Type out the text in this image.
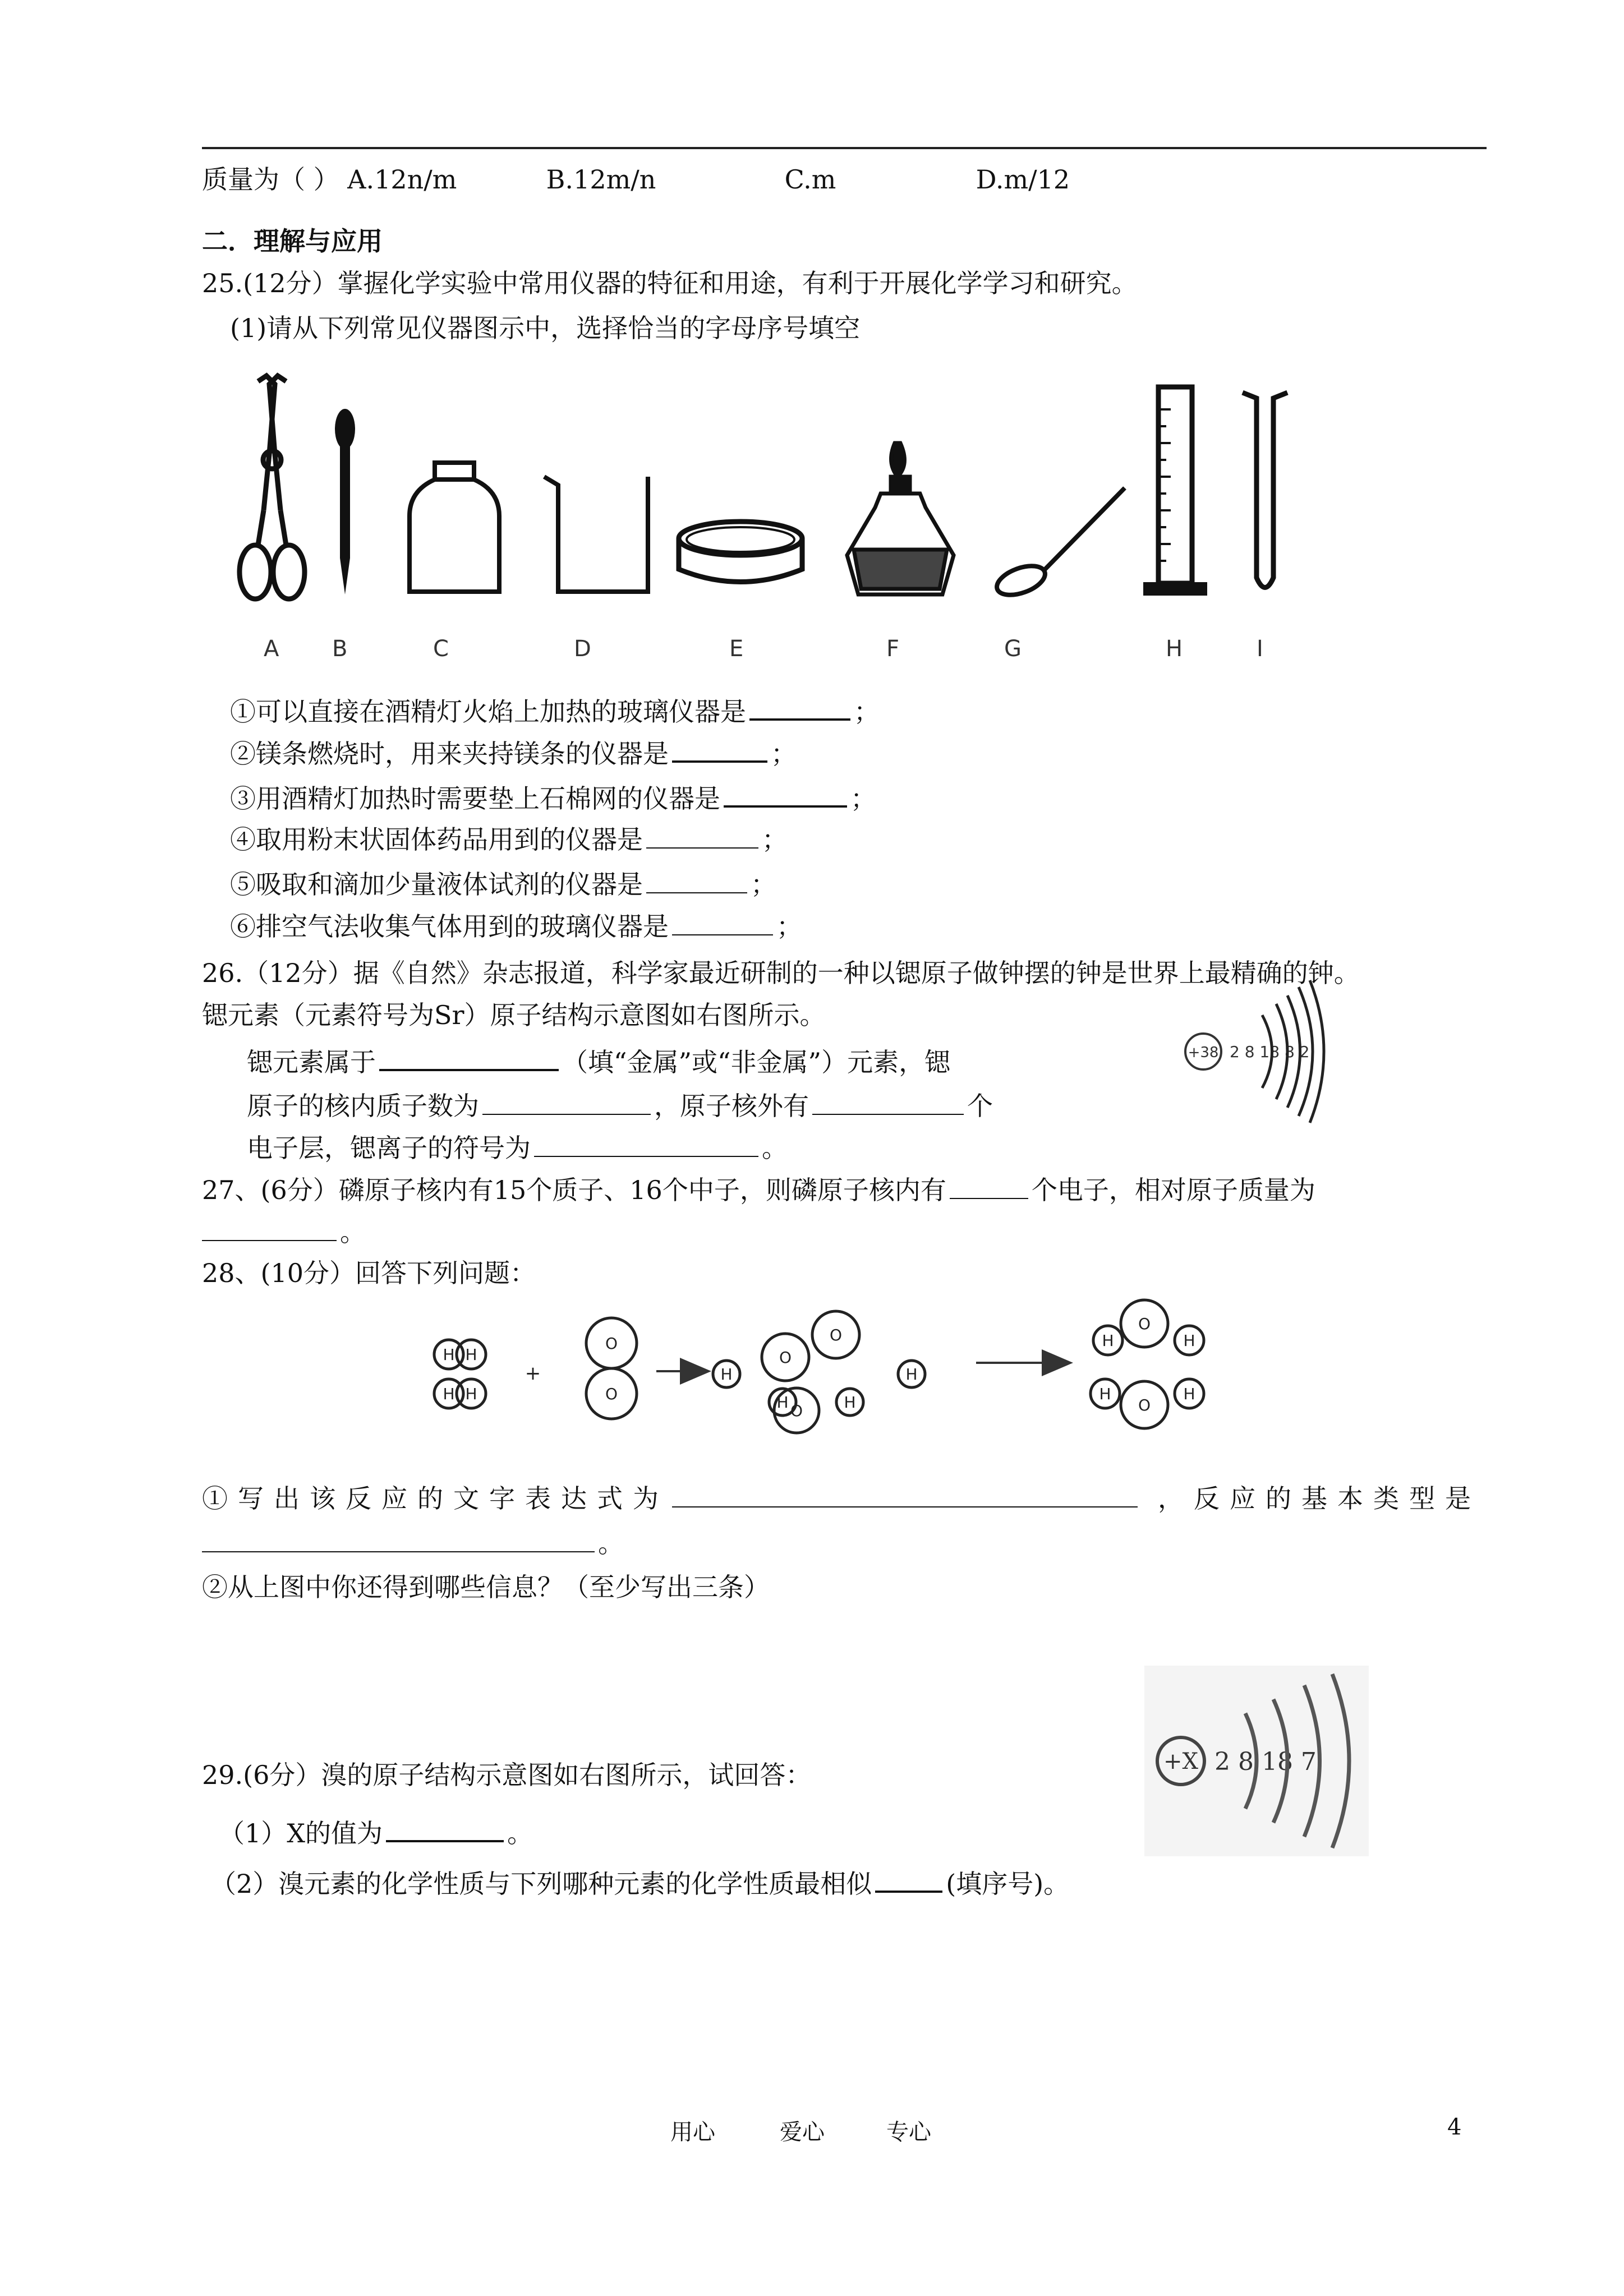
质量为（ ） A.12n/m	B.12m/n	C.m	D.m/12
二．理解与应用
25.(12分）掌握化学实验中常用仪器的特征和用途，有利于开展化学学习和研究。
(1)请从下列常见仪器图示中，选择恰当的字母序号填空
A B	C	D	E	F	G	H	I
①可以直接在酒精灯火焰上加热的玻璃仪器是	；
②镁条燃烧时，用来夹持镁条的仪器是	；
③用酒精灯加热时需要垫上石棉网的仪器是	；
④取用粉末状固体药品用到的仪器是	；
⑤吸取和滴加少量液体试剂的仪器是	；
⑥排空气法收集气体用到的玻璃仪器是	；
26.（12分）据《自然》杂志报道，科学家最近研制的一种以锶原子做钟摆的钟是世界上最精确的钟。
锶元素（元素符号为Sr）原子结构示意图如右图所示。
锶元素属于	（填“金属”或“非金属”）元素，锶
原子的核内质子数为	，原子核外有	个
电子层，锶离子的符号为	。
+38 2 8 18 8 2
27、(6分）磷原子核内有15个质子、16个中子，则磷原子核内有	个电子，相对原子质量为
。
28、(10分）回答下列问题：
H H
H H
+
O
O
O
O
H	H
H	H
O
O
H	H
O
H	H
①写出该反应的文字表达式为	，反应的基本类型是
。
②从上图中你还得到哪些信息？（至少写出三条）
29.(6分）溴的原子结构示意图如右图所示，试回答：
（1）X的值为	。
（2）溴元素的化学性质与下列哪种元素的化学性质最相似	(填序号)。
+X 2 8 18 7
用心	爱心	专心	4
